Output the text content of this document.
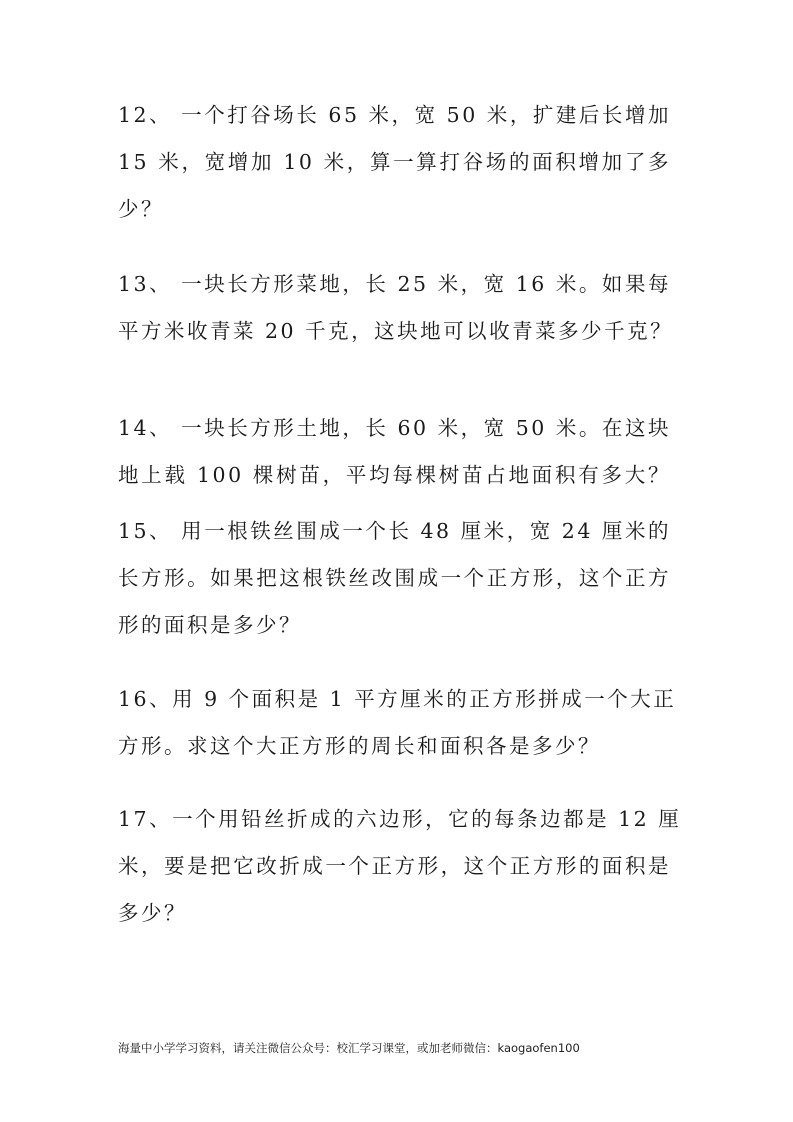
12、 一个打谷场长 65 米，宽 50 米，扩建后长增加
15 米，宽增加 10 米，算一算打谷场的面积增加了多
少？
13、 一块长方形菜地，长 25 米，宽 16 米。如果每
平方米收青菜 20 千克，这块地可以收青菜多少千克？
14、 一块长方形土地，长 60 米，宽 50 米。在这块
地上载 100 棵树苗，平均每棵树苗占地面积有多大？
15、 用一根铁丝围成一个长 48 厘米，宽 24 厘米的
长方形。如果把这根铁丝改围成一个正方形，这个正方
形的面积是多少？
16、用 9 个面积是 1 平方厘米的正方形拼成一个大正
方形。求这个大正方形的周长和面积各是多少？
17、一个用铅丝折成的六边形，它的每条边都是 12 厘
米，要是把它改折成一个正方形，这个正方形的面积是
多少？
海量中小学学习资料，请关注微信公众号：校汇学习课堂，或加老师微信：kaogaofen100
